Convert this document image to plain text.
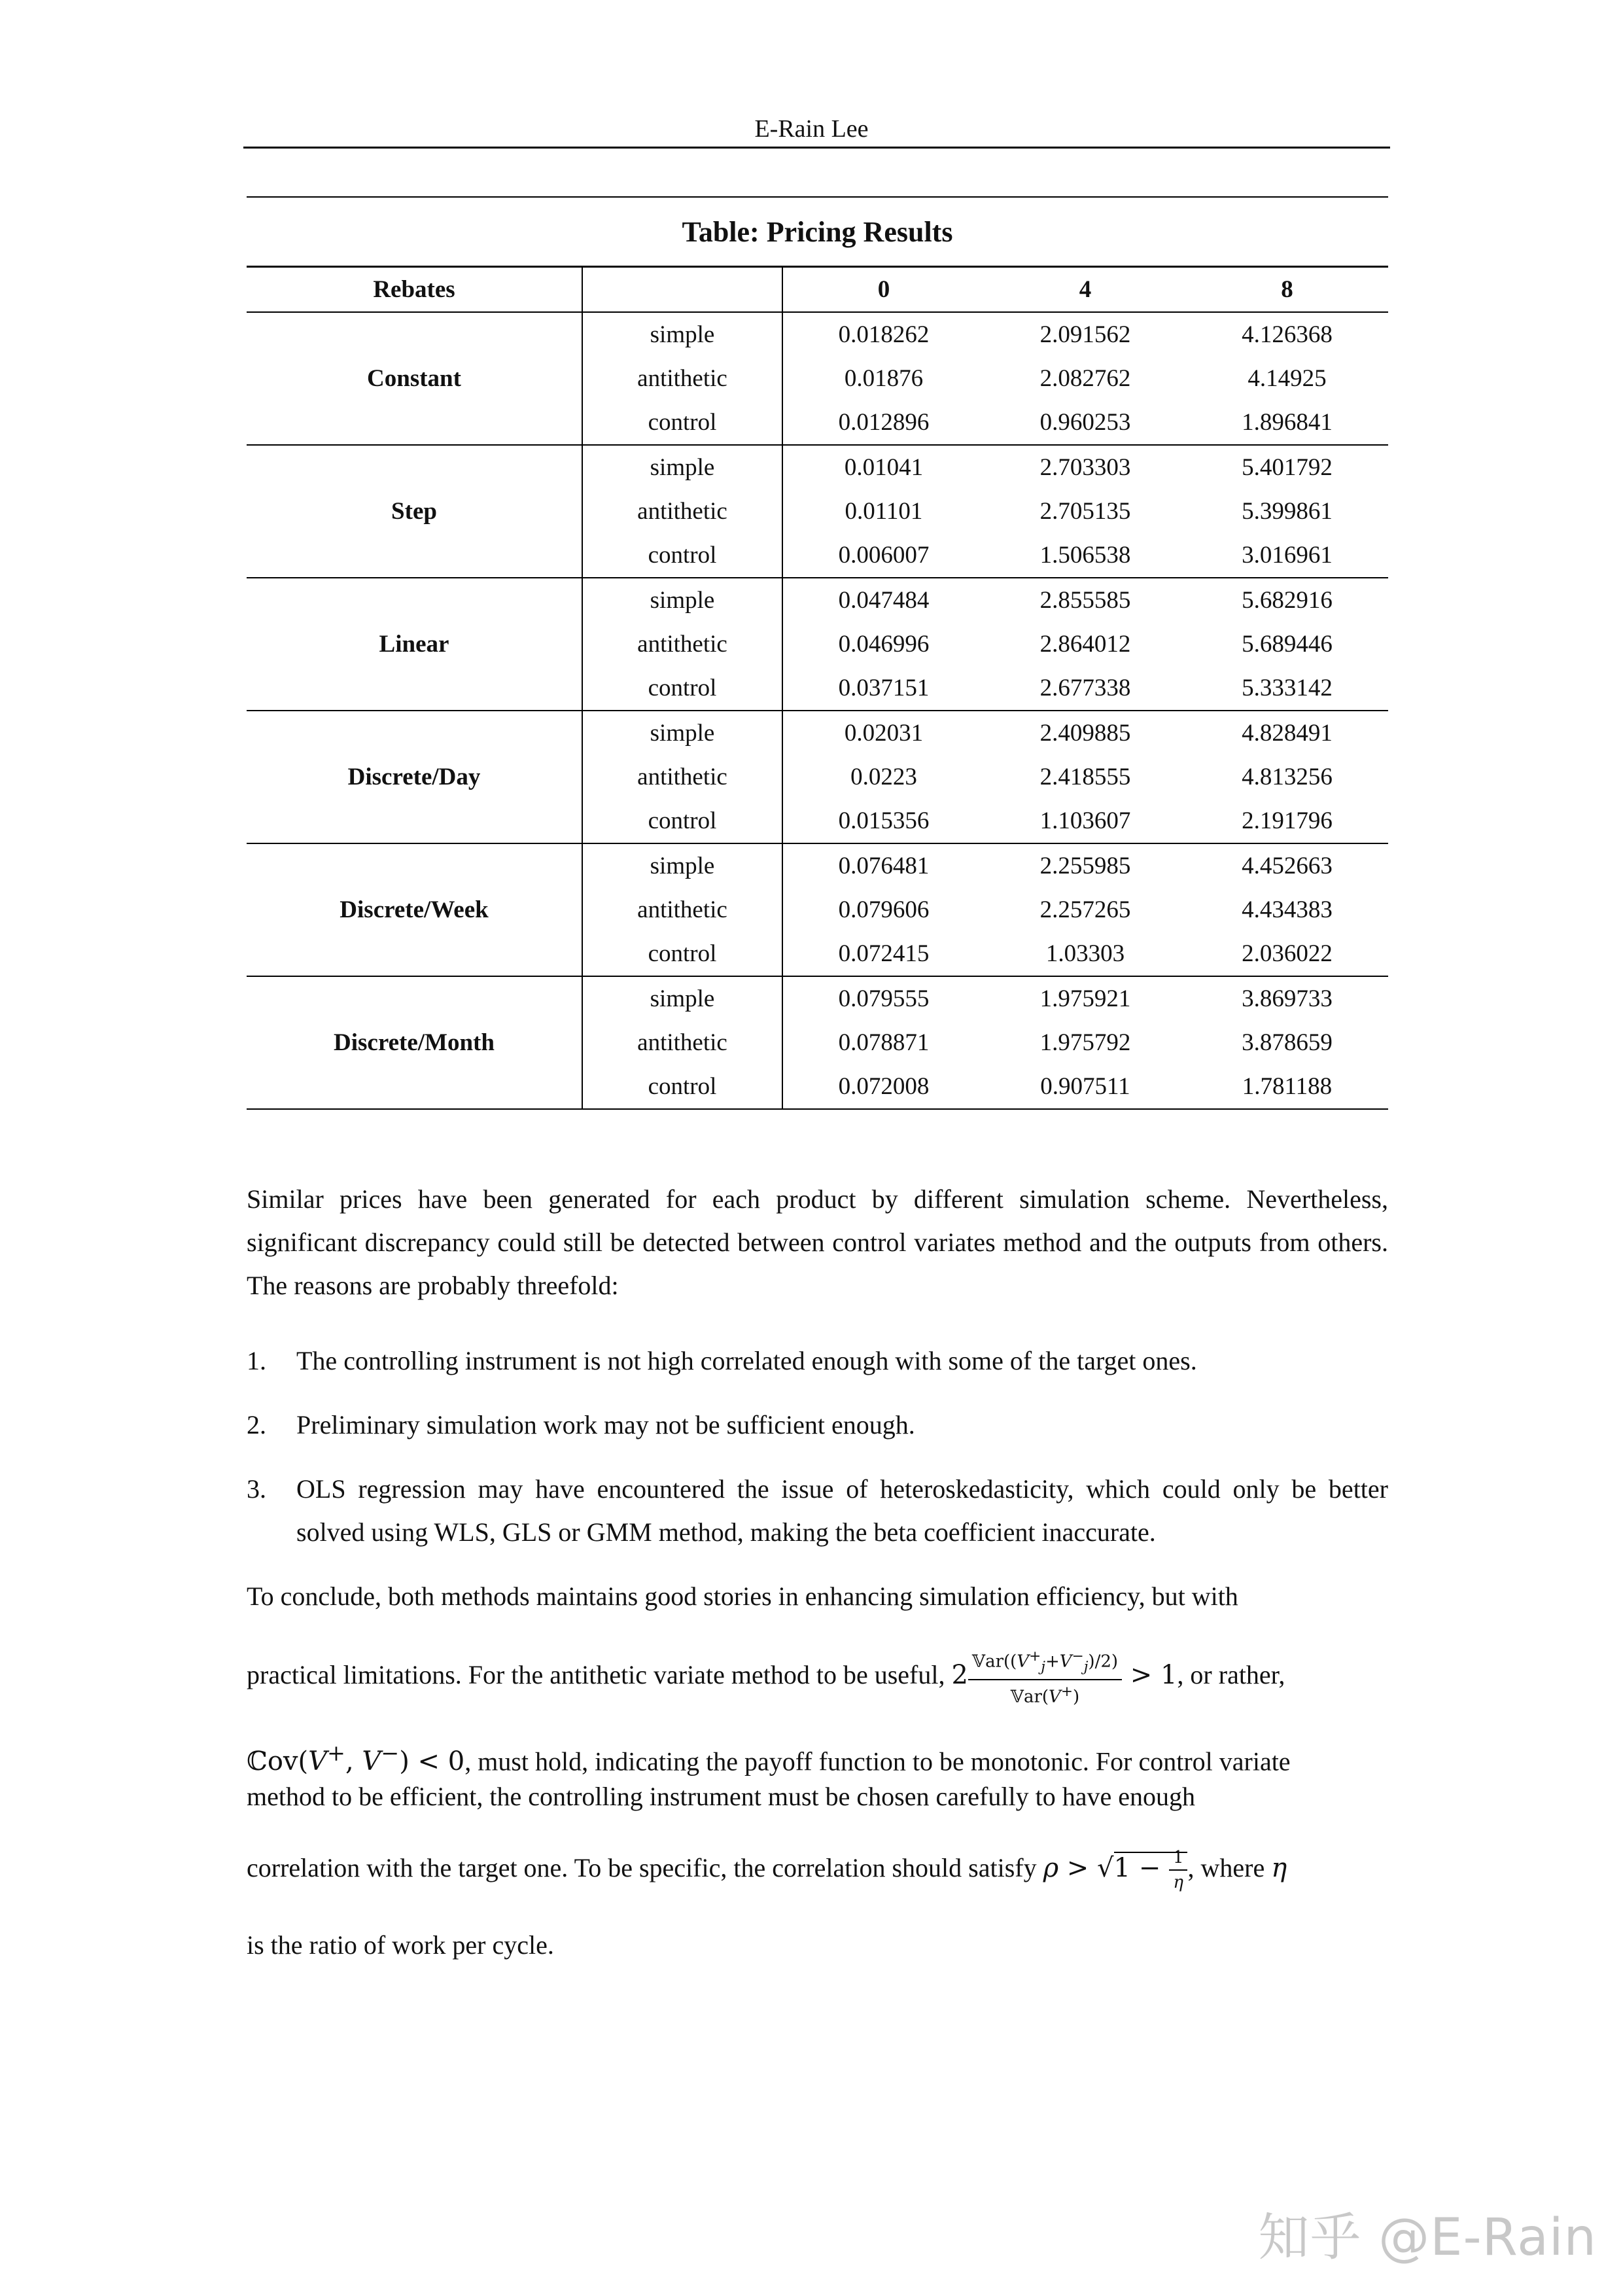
E-Rain Lee
Table: Pricing Results
Rebates		0	4	8
Constant	simple	0.018262	2.091562	4.126368
	antithetic	0.01876	2.082762	4.14925
	control	0.012896	0.960253	1.896841
Step	simple	0.01041	2.703303	5.401792
	antithetic	0.01101	2.705135	5.399861
	control	0.006007	1.506538	3.016961
Linear	simple	0.047484	2.855585	5.682916
	antithetic	0.046996	2.864012	5.689446
	control	0.037151	2.677338	5.333142
Discrete/Day	simple	0.02031	2.409885	4.828491
	antithetic	0.0223	2.418555	4.813256
	control	0.015356	1.103607	2.191796
Discrete/Week	simple	0.076481	2.255985	4.452663
	antithetic	0.079606	2.257265	4.434383
	control	0.072415	1.03303	2.036022
Discrete/Month	simple	0.079555	1.975921	3.869733
	antithetic	0.078871	1.975792	3.878659
	control	0.072008	0.907511	1.781188
Similar prices have been generated for each product by different simulation scheme. Nevertheless, significant discrepancy could still be detected between control variates method and the outputs from others. The reasons are probably threefold:
1.	The controlling instrument is not high correlated enough with some of the target ones.
2.	Preliminary simulation work may not be sufficient enough.
3.	OLS regression may have encountered the issue of heteroskedasticity, which could only be better solved using WLS, GLS or GMM method, making the beta coefficient inaccurate.
To conclude, both methods maintains good stories in enhancing simulation efficiency, but with
practical limitations. For the antithetic variate method to be useful, $2 \frac{𝕍ar((V^+_j+V^-_j)/2)}{𝕍ar(V^+)} > 1$, or rather,
ℂov(V+, V−) < 0, must hold, indicating the payoff function to be monotonic. For control variate
method to be efficient, the controlling instrument must be chosen carefully to have enough
correlation with the target one. To be specific, the correlation should satisfy $\rho > √1 - \frac{1}{\eta}$ , where η
is the ratio of work per cycle.
知乎 @E-Rain
